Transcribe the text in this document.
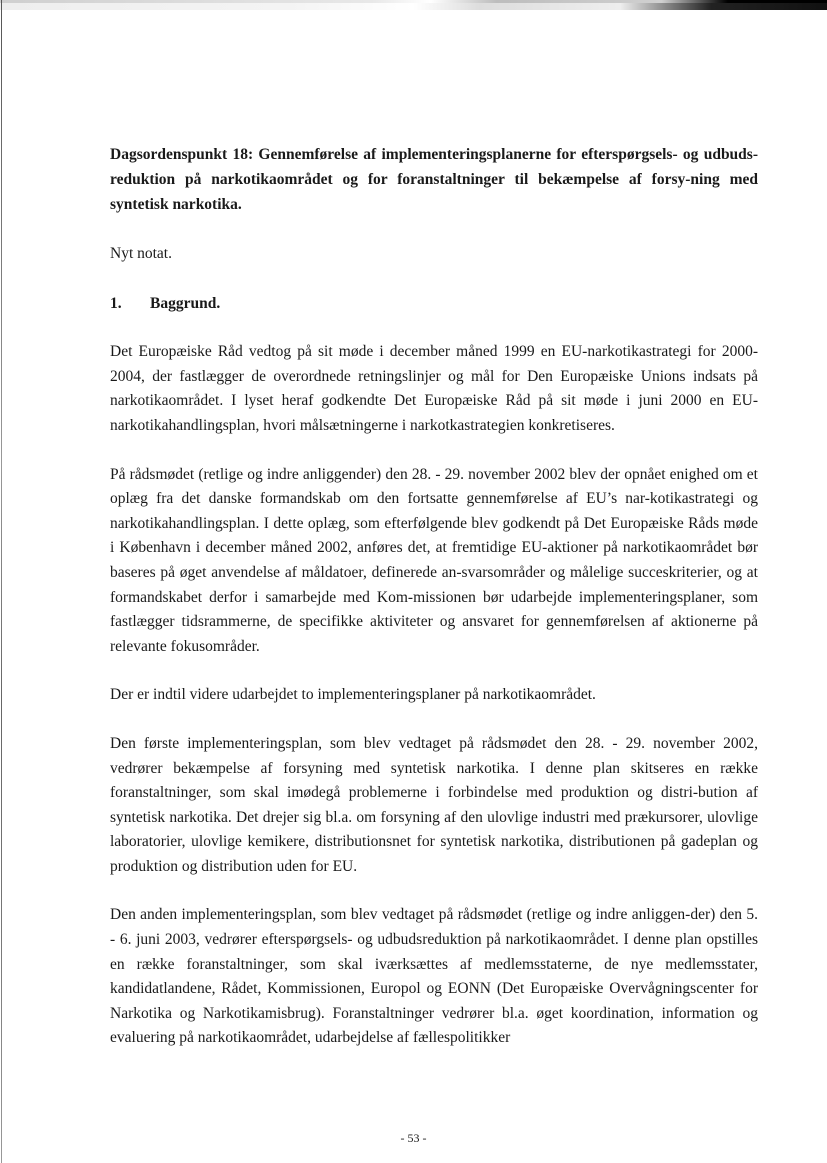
Dagsordenspunkt 18: Gennemførelse af implementeringsplanerne for efterspørgsels- og udbuds-reduktion på narkotikaområdet og for foranstaltninger til bekæmpelse af forsy-ning med syntetisk narkotika.

Nyt notat.

1.	Baggrund.

Det Europæiske Råd vedtog på sit møde i december måned 1999 en EU-narkotikastrategi for 2000-2004, der fastlægger de overordnede retningslinjer og mål for Den Europæiske Unions indsats på narkotikaområdet. I lyset heraf godkendte Det Europæiske Råd på sit møde i juni 2000 en EU-narkotikahandlingsplan, hvori målsætningerne i narkotkastrategien konkretiseres.

På rådsmødet (retlige og indre anliggender) den 28. - 29. november 2002 blev der opnået enighed om et oplæg fra det danske formandskab om den fortsatte gennemførelse af EU’s nar-kotikastrategi og narkotikahandlingsplan. I dette oplæg, som efterfølgende blev godkendt på Det Europæiske Råds møde i København i december måned 2002, anføres det, at fremtidige EU-aktioner på narkotikaområdet bør baseres på øget anvendelse af måldatoer, definerede an-svarsområder og målelige succeskriterier, og at formandskabet derfor i samarbejde med Kom-missionen bør udarbejde implementeringsplaner, som fastlægger tidsrammerne, de specifikke aktiviteter og ansvaret for gennemførelsen af aktionerne på relevante fokusområder.

Der er indtil videre udarbejdet to implementeringsplaner på narkotikaområdet.

Den første implementeringsplan, som blev vedtaget på rådsmødet den 28. - 29. november 2002, vedrører bekæmpelse af forsyning med syntetisk narkotika. I denne plan skitseres en række foranstaltninger, som skal imødegå problemerne i forbindelse med produktion og distri-bution af syntetisk narkotika. Det drejer sig bl.a. om forsyning af den ulovlige industri med prækursorer, ulovlige laboratorier, ulovlige kemikere, distributionsnet for syntetisk narkotika, distributionen på gadeplan og produktion og distribution uden for EU.

Den anden implementeringsplan, som blev vedtaget på rådsmødet (retlige og indre anliggen-der) den 5. - 6. juni 2003, vedrører efterspørgsels- og udbudsreduktion på narkotikaområdet. I denne plan opstilles en række foranstaltninger, som skal iværksættes af medlemsstaterne, de nye medlemsstater, kandidatlandene, Rådet, Kommissionen, Europol og EONN (Det Europæiske Overvågningscenter for Narkotika og Narkotikamisbrug). Foranstaltninger vedrører bl.a. øget koordination, information og evaluering på narkotikaområdet, udarbejdelse af fællespolitikker

- 53 -
